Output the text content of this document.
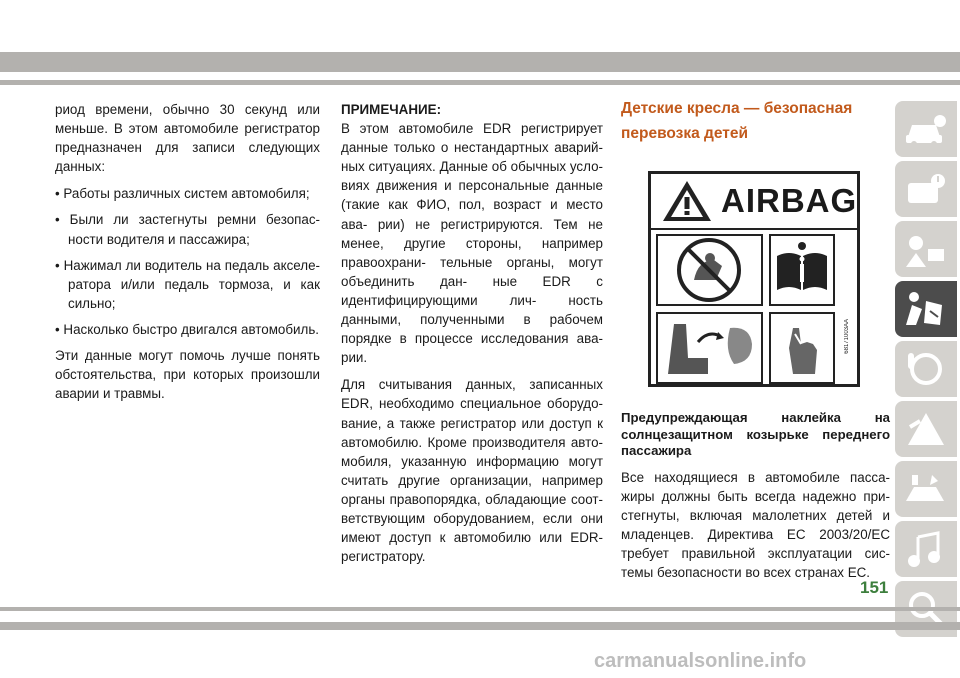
риод времени, обычно 30 секунд или меньше. В этом автомобиле регистратор предназначен для записи следующих данных:

• Работы различных систем автомобиля;

• Были ли застегнуты ремни безопас- ности водителя и пассажира;

• Нажимал ли водитель на педаль акселе- ратора и/или педаль тормоза, и как сильно;

• Насколько быстро двигался автомобиль.

Эти данные могут помочь лучше понять обстоятельства, при которых произошли аварии и травмы.

ПРИМЕЧАНИЕ:

В этом автомобиле EDR регистрирует данные только о нестандартных аварий- ных ситуациях. Данные об обычных усло- виях движения и персональные данные (такие как ФИО, пол, возраст и место ава- рии) не регистрируются. Тем не менее, другие стороны, например правоохрани- тельные органы, могут объединить дан- ные EDR с идентифицирующими лич- ность данными, полученными в рабочем порядке в процессе исследования ава- рии.

Для считывания данных, записанных EDR, необходимо специальное оборудо- вание, а также регистратор или доступ к автомобилю. Кроме производителя авто- мобиля, указанную информацию могут считать другие организации, например органы правопорядка, обладающие соот- ветствующим оборудованием, если они имеют доступ к автомобилю или EDR- регистратору.

Детские кресла — безопасная перевозка детей

Предупреждающая наклейка на солнцезащитном козырьке переднего пассажира

Все находящиеся в автомобиле пасса- жиры должны быть всегда надежно при- стегнуты, включая малолетних детей и младенцев. Директива ЕС 2003/20/ЕС требует правильной эксплуатации сис- темы безопасности во всех странах ЕС.

AIRBAG
68171003AA
151
carmanualsonline.info
